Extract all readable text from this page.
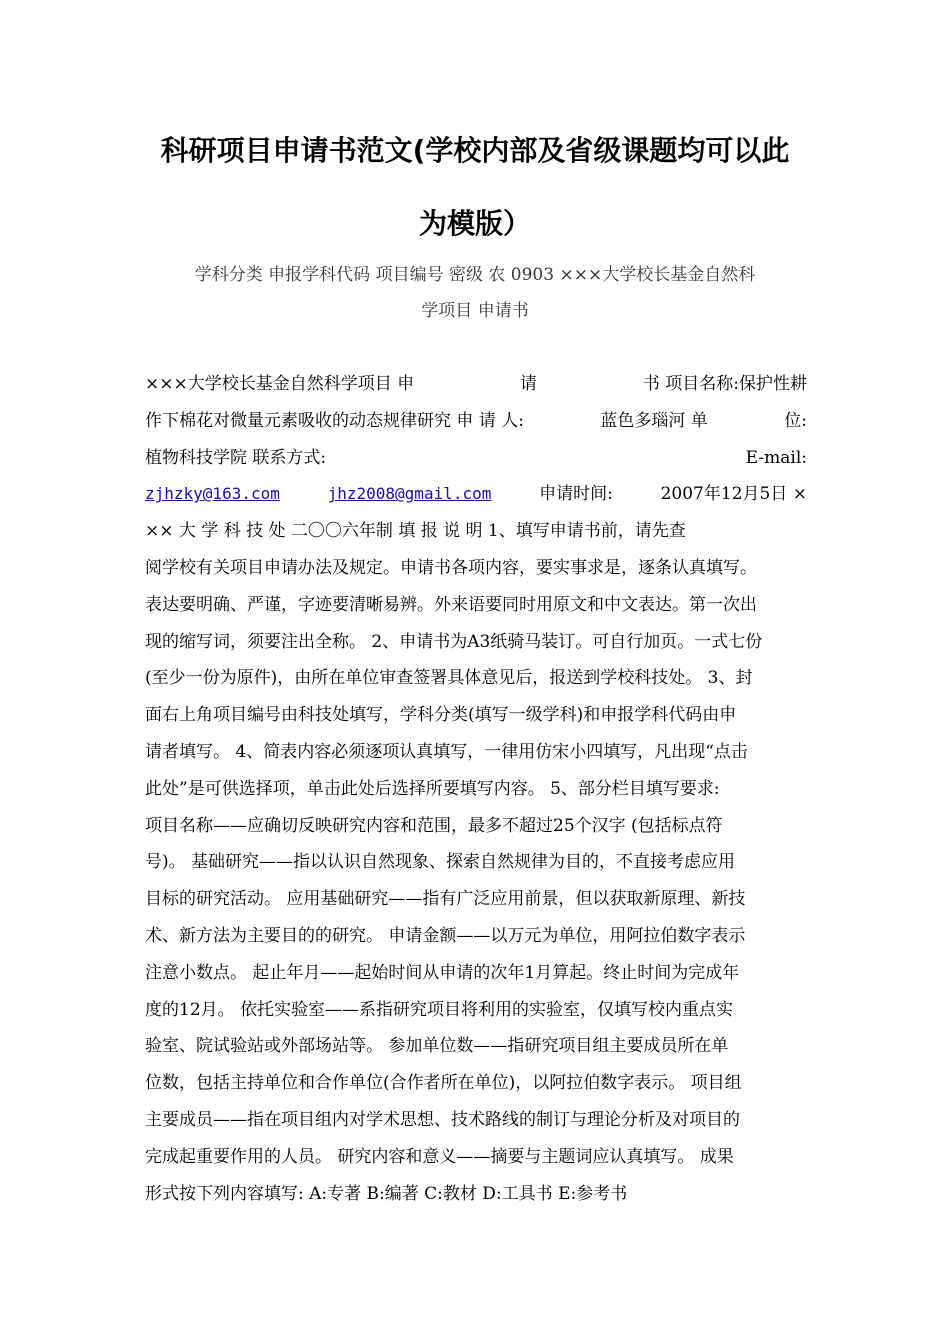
科研项目申请书范文(学校内部及省级课题均可以此
为模版）
学科分类 申报学科代码 项目编号 密级 农 0903 ×××大学校长基金自然科
学项目 申请书
×××大学校长基金自然科学项目 申	请	书 项目名称:保护性耕
作下棉花对微量元素吸收的动态规律研究 申 请 人:	蓝色多瑙河 单	位:
植物科技学院 联系方式:	E-mail:
zjhzky@163.com	jhz2008@gmail.com	申请时间:	2007年12月5日 ×
×× 大 学 科 技 处 二〇〇六年制 填 报 说 明 1、填写申请书前，请先查
阅学校有关项目申请办法及规定。申请书各项内容，要实事求是，逐条认真填写。
表达要明确、严谨，字迹要清晰易辨。外来语要同时用原文和中文表达。第一次出
现的缩写词，须要注出全称。 2、申请书为A3纸骑马装订。可自行加页。一式七份
(至少一份为原件)，由所在单位审查签署具体意见后，报送到学校科技处。 3、封
面右上角项目编号由科技处填写，学科分类(填写一级学科)和申报学科代码由申
请者填写。 4、简表内容必须逐项认真填写，一律用仿宋小四填写，凡出现“点击
此处”是可供选择项，单击此处后选择所要填写内容。 5、部分栏目填写要求:
项目名称——应确切反映研究内容和范围，最多不超过25个汉字 (包括标点符
号)。 基础研究——指以认识自然现象、探索自然规律为目的，不直接考虑应用
目标的研究活动。 应用基础研究——指有广泛应用前景，但以获取新原理、新技
术、新方法为主要目的的研究。 申请金额——以万元为单位，用阿拉伯数字表示
注意小数点。 起止年月——起始时间从申请的次年1月算起。终止时间为完成年
度的12月。 依托实验室——系指研究项目将利用的实验室，仅填写校内重点实
验室、院试验站或外部场站等。 参加单位数——指研究项目组主要成员所在单
位数，包括主持单位和合作单位(合作者所在单位)，以阿拉伯数字表示。 项目组
主要成员——指在项目组内对学术思想、技术路线的制订与理论分析及对项目的
完成起重要作用的人员。 研究内容和意义——摘要与主题词应认真填写。 成果
形式按下列内容填写: A:专著 B:编著 C:教材 D:工具书 E:参考书
